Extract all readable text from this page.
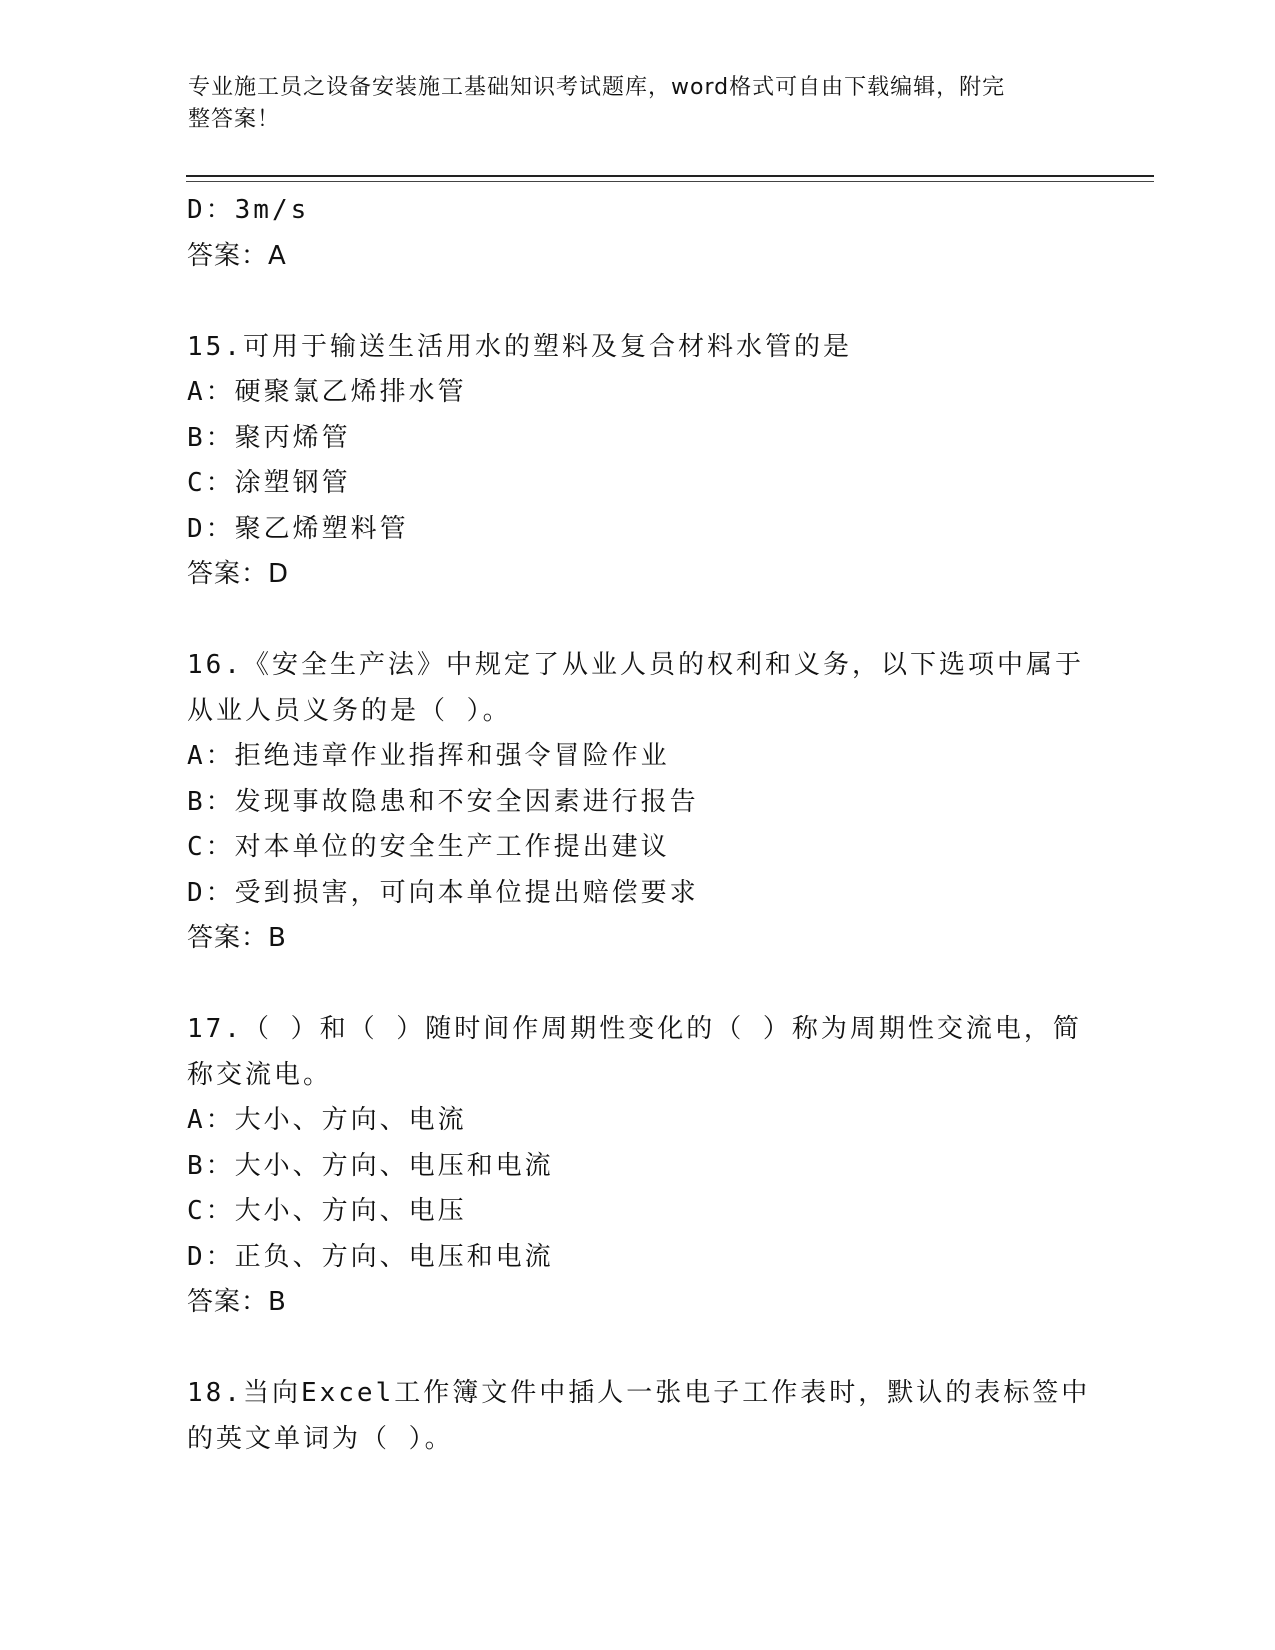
专业施工员之设备安装施工基础知识考试题库，word格式可自由下载编辑，附完
整答案！
D：3m/s
答案：A
15.可用于输送生活用水的塑料及复合材料水管的是
A：硬聚氯乙烯排水管
B：聚丙烯管
C：涂塑钢管
D：聚乙烯塑料管
答案：D
16.《安全生产法》中规定了从业人员的权利和义务，以下选项中属于
从业人员义务的是（ ）。
A：拒绝违章作业指挥和强令冒险作业
B：发现事故隐患和不安全因素进行报告
C：对本单位的安全生产工作提出建议
D：受到损害，可向本单位提出赔偿要求
答案：B
17.（ ）和（ ）随时间作周期性变化的（ ）称为周期性交流电，简
称交流电。
A：大小、方向、电流
B：大小、方向、电压和电流
C：大小、方向、电压
D：正负、方向、电压和电流
答案：B
18.当向Excel工作簿文件中插人一张电子工作表时，默认的表标签中
的英文单词为（ ）。
